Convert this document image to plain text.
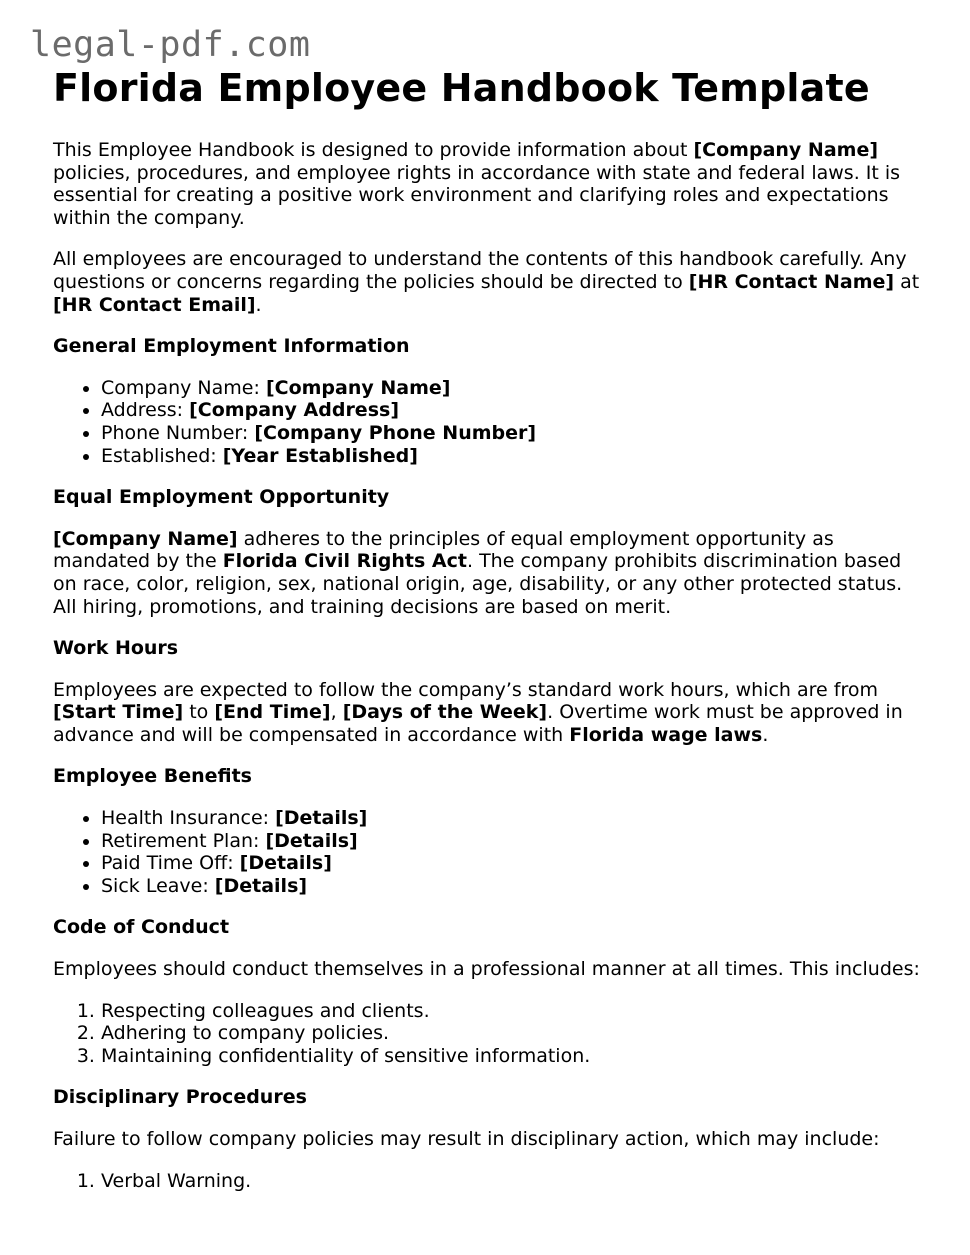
legal-pdf.com
Florida Employee Handbook Template

This Employee Handbook is designed to provide information about [Company Name] policies, procedures, and employee rights in accordance with state and federal laws. It is essential for creating a positive work environment and clarifying roles and expectations within the company.

All employees are encouraged to understand the contents of this handbook carefully. Any questions or concerns regarding the policies should be directed to [HR Contact Name] at [HR Contact Email].

General Employment Information
• Company Name: [Company Name]
• Address: [Company Address]
• Phone Number: [Company Phone Number]
• Established: [Year Established]
Equal Employment Opportunity

[Company Name] adheres to the principles of equal employment opportunity as mandated by the Florida Civil Rights Act. The company prohibits discrimination based on race, color, religion, sex, national origin, age, disability, or any other protected status. All hiring, promotions, and training decisions are based on merit.

Work Hours

Employees are expected to follow the company’s standard work hours, which are from [Start Time] to [End Time], [Days of the Week]. Overtime work must be approved in advance and will be compensated in accordance with Florida wage laws.

Employee Benefits
• Health Insurance: [Details]
• Retirement Plan: [Details]
• Paid Time Off: [Details]
• Sick Leave: [Details]
Code of Conduct

Employees should conduct themselves in a professional manner at all times. This includes:

1. Respecting colleagues and clients.
2. Adhering to company policies.
3. Maintaining confidentiality of sensitive information.
Disciplinary Procedures

Failure to follow company policies may result in disciplinary action, which may include:

1. Verbal Warning.
